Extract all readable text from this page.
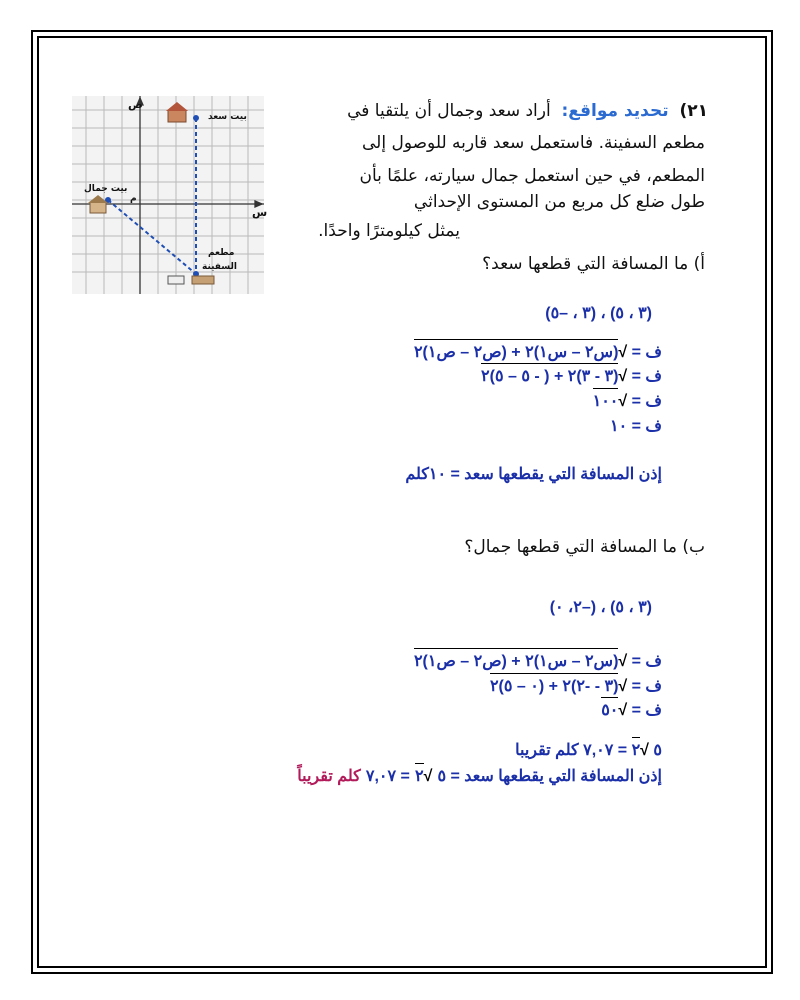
٢١)  تحديد مواقع:  أراد سعد وجمال أن يلتقيا في
مطعم السفينة. فاستعمل سعد قاربه للوصول إلى
المطعم، في حين استعمل جمال سيارته، علمًا بأن
طول ضلع كل مربع من المستوى الإحداثي
يمثل كيلومترًا واحدًا.
أ) ما المسافة التي قطعها سعد؟
ص
س
م
بيت سعد
بيت جمال
مطعم
السفينة
(٣ ، ٥) ، (٣ ، –٥)
ف = √
(س٢ – س١)٢ + (ص٢ – ص١)٢
ف = √
(٣ - ٣)٢ + ( - ٥ – ٥)٢
ف = √
١٠٠
ف = ١٠
إذن المسافة التي يقطعها سعد = ١٠كلم
ب) ما المسافة التي قطعها جمال؟
(٣ ، ٥) ، (–٢، ٠)
ف = √
(س٢ – س١)٢ + (ص٢ – ص١)٢
ف = √
(٣ - -٢)٢ + (٠ – ٥)٢
ف = √
٥٠
٥ √
٢ = ٧,٠٧ كلم تقريبا
إذن المسافة التي يقطعها سعد = ٥ √
٢ = ٧,٠٧ كلم تقريباً
